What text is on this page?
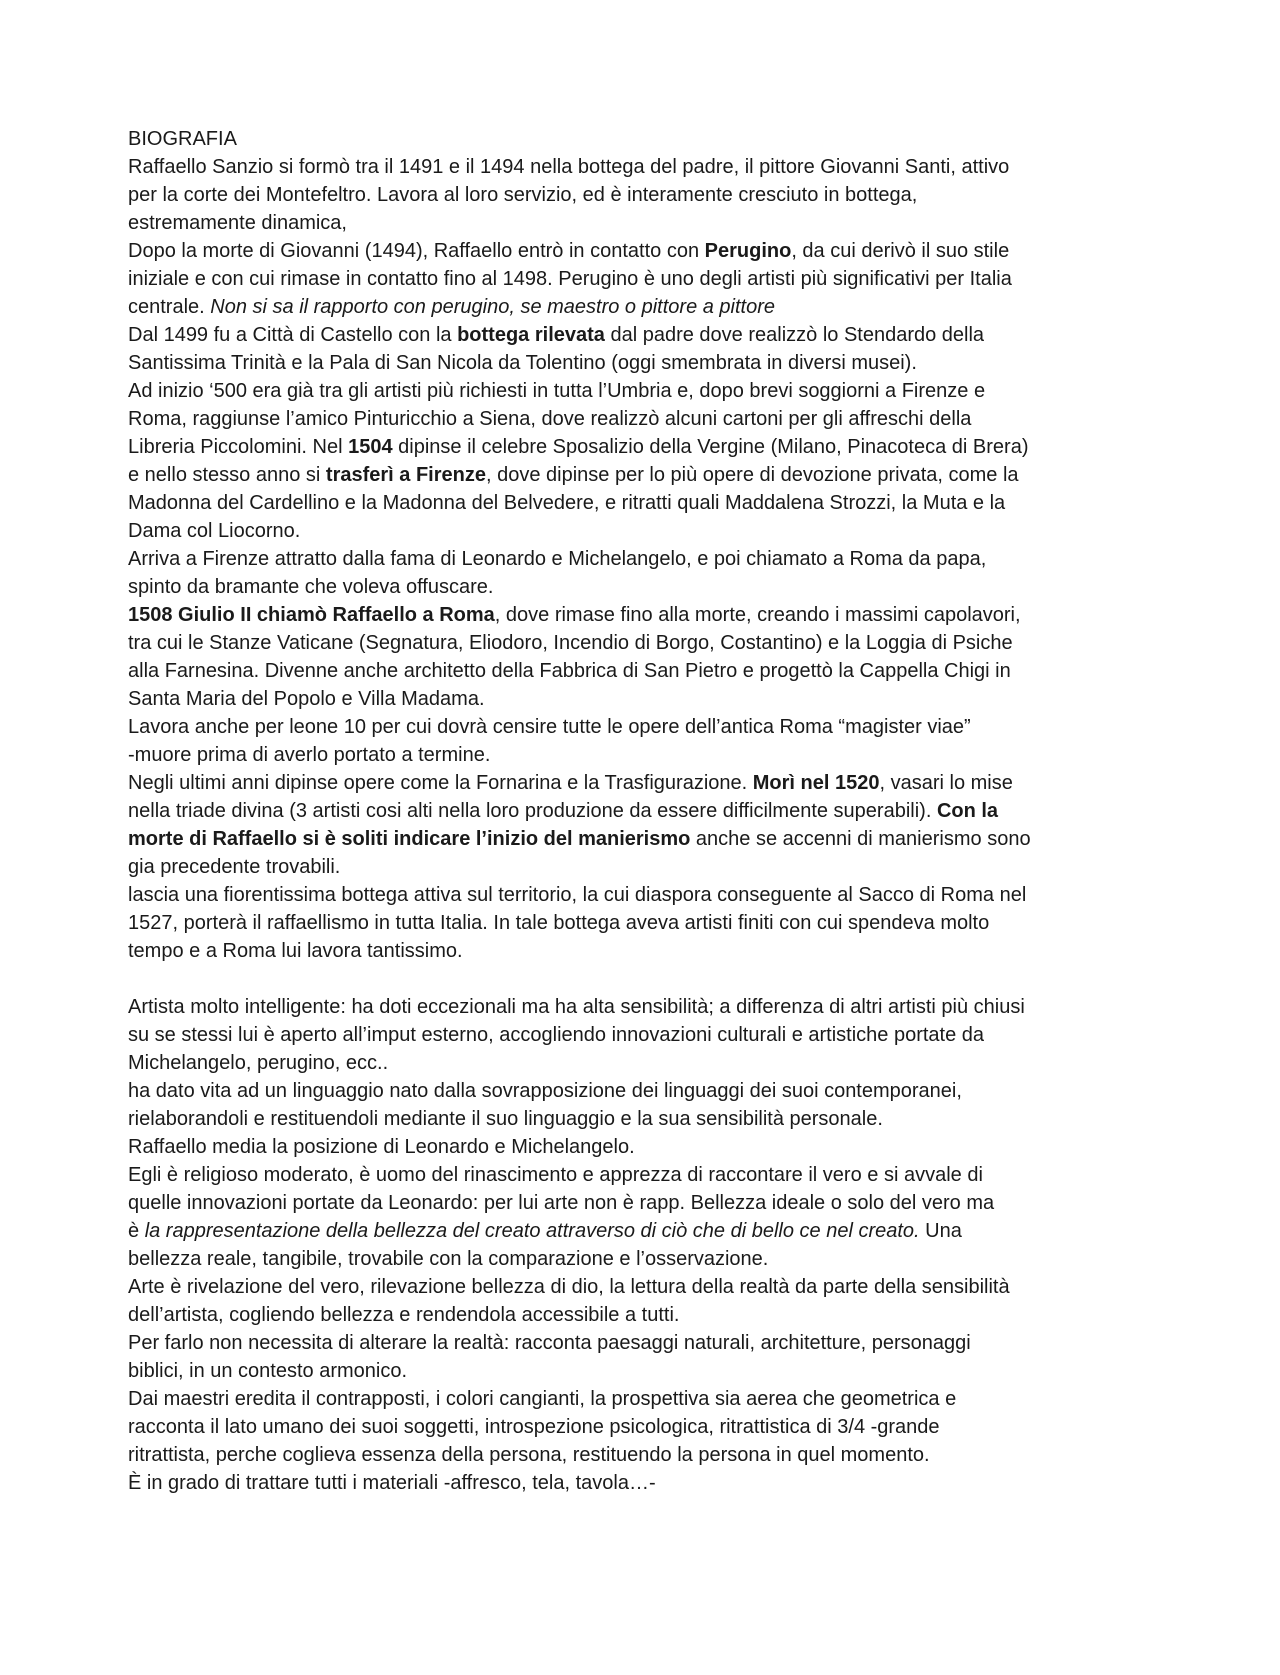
BIOGRAFIA
Raffaello Sanzio si formò tra il 1491 e il 1494 nella bottega del padre, il pittore Giovanni Santi, attivo
per la corte dei Montefeltro. Lavora al loro servizio, ed è interamente cresciuto in bottega,
estremamente dinamica,
Dopo la morte di Giovanni (1494), Raffaello entrò in contatto con Perugino, da cui derivò il suo stile
iniziale e con cui rimase in contatto fino al 1498. Perugino è uno degli artisti più significativi per Italia
centrale. Non si sa il rapporto con perugino, se maestro o pittore a pittore
Dal 1499 fu a Città di Castello con la bottega rilevata dal padre dove realizzò lo Stendardo della
Santissima Trinità e la Pala di San Nicola da Tolentino (oggi smembrata in diversi musei).
Ad inizio ‘500 era già tra gli artisti più richiesti in tutta l’Umbria e, dopo brevi soggiorni a Firenze e
Roma, raggiunse l’amico Pinturicchio a Siena, dove realizzò alcuni cartoni per gli affreschi della
Libreria Piccolomini. Nel 1504 dipinse il celebre Sposalizio della Vergine (Milano, Pinacoteca di Brera)
e nello stesso anno si trasferì a Firenze, dove dipinse per lo più opere di devozione privata, come la
Madonna del Cardellino e la Madonna del Belvedere, e ritratti quali Maddalena Strozzi, la Muta e la
Dama col Liocorno.
Arriva a Firenze attratto dalla fama di Leonardo e Michelangelo, e poi chiamato a Roma da papa,
spinto da bramante che voleva offuscare.
1508 Giulio II chiamò Raffaello a Roma, dove rimase fino alla morte, creando i massimi capolavori,
tra cui le Stanze Vaticane (Segnatura, Eliodoro, Incendio di Borgo, Costantino) e la Loggia di Psiche
alla Farnesina. Divenne anche architetto della Fabbrica di San Pietro e progettò la Cappella Chigi in
Santa Maria del Popolo e Villa Madama.
Lavora anche per leone 10 per cui dovrà censire tutte le opere dell’antica Roma “magister viae”
-muore prima di averlo portato a termine.
Negli ultimi anni dipinse opere come la Fornarina e la Trasfigurazione. Morì nel 1520, vasari lo mise
nella triade divina (3 artisti cosi alti nella loro produzione da essere difficilmente superabili). Con la
morte di Raffaello si è soliti indicare l’inizio del manierismo anche se accenni di manierismo sono
gia precedente trovabili.
lascia una fiorentissima bottega attiva sul territorio, la cui diaspora conseguente al Sacco di Roma nel
1527, porterà il raffaellismo in tutta Italia. In tale bottega aveva artisti finiti con cui spendeva molto
tempo e a Roma lui lavora tantissimo.
Artista molto intelligente: ha doti eccezionali ma ha alta sensibilità; a differenza di altri artisti più chiusi
su se stessi lui è aperto all’imput esterno, accogliendo innovazioni culturali e artistiche portate da
Michelangelo, perugino, ecc..
ha dato vita ad un linguaggio nato dalla sovrapposizione dei linguaggi dei suoi contemporanei,
rielaborandoli e restituendoli mediante il suo linguaggio e la sua sensibilità personale.
Raffaello media la posizione di Leonardo e Michelangelo.
Egli è religioso moderato, è uomo del rinascimento e apprezza di raccontare il vero e si avvale di
quelle innovazioni portate da Leonardo: per lui arte non è rapp. Bellezza ideale o solo del vero ma
è la rappresentazione della bellezza del creato attraverso di ciò che di bello ce nel creato. Una
bellezza reale, tangibile, trovabile con la comparazione e l’osservazione.
Arte è rivelazione del vero, rilevazione bellezza di dio, la lettura della realtà da parte della sensibilità
dell’artista, cogliendo bellezza e rendendola accessibile a tutti.
Per farlo non necessita di alterare la realtà: racconta paesaggi naturali, architetture, personaggi
biblici, in un contesto armonico.
Dai maestri eredita il contrapposti, i colori cangianti, la prospettiva sia aerea che geometrica e
racconta il lato umano dei suoi soggetti, introspezione psicologica, ritrattistica di 3/4 -grande
ritrattista, perche coglieva essenza della persona, restituendo la persona in quel momento.
È in grado di trattare tutti i materiali -affresco, tela, tavola…-
